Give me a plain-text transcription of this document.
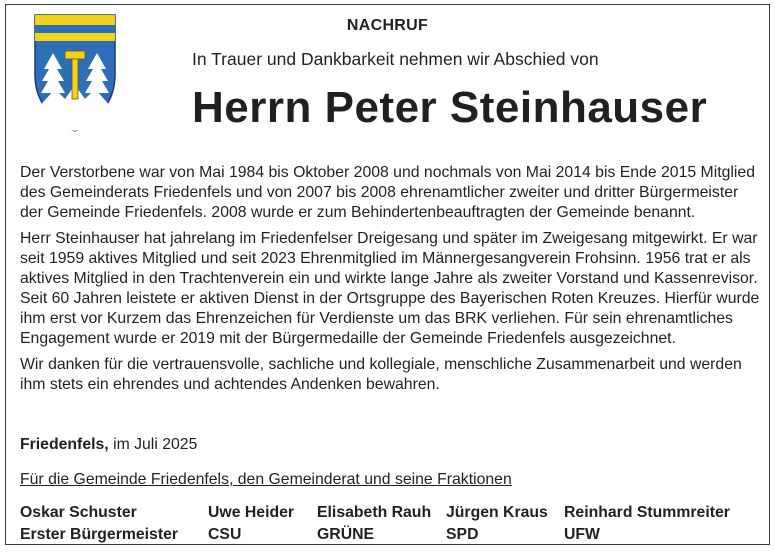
NACHRUF
In Trauer und Dankbarkeit nehmen wir Abschied von
Herrn Peter Steinhauser

Der Verstorbene war von Mai 1984 bis Oktober 2008 und nochmals von Mai 2014 bis Ende 2015 Mitglied des Gemeinderats Friedenfels und von 2007 bis 2008 ehrenamtlicher zweiter und dritter Bürgermeister der Gemeinde Friedenfels. 2008 wurde er zum Behindertenbeauftragten der Gemeinde benannt.

Herr Steinhauser hat jahrelang im Friedenfelser Dreigesang und später im Zweigesang mitgewirkt. Er war seit 1959 aktives Mitglied und seit 2023 Ehrenmitglied im Männergesangverein Frohsinn. 1956 trat er als aktives Mitglied in den Trachtenverein ein und wirkte lange Jahre als zweiter Vorstand und Kassenrevisor. Seit 60 Jahren leistete er aktiven Dienst in der Ortsgruppe des Bayerischen Roten Kreuzes. Hierfür wurde ihm erst vor Kurzem das Ehrenzeichen für Verdienste um das BRK verliehen. Für sein ehrenamtliches Engagement wurde er 2019 mit der Bürgermedaille der Gemeinde Friedenfels ausgezeichnet.

Wir danken für die vertrauensvolle, sachliche und kollegiale, menschliche Zusammenarbeit und werden ihm stets ein ehrendes und achtendes Andenken bewahren.

Friedenfels, im Juli 2025
Für die Gemeinde Friedenfels, den Gemeinderat und seine Fraktionen
Oskar Schuster
Erster Bürgermeister
Uwe Heider
CSU
Elisabeth Rauh
GRÜNE
Jürgen Kraus
SPD
Reinhard Stummreiter
UFW
